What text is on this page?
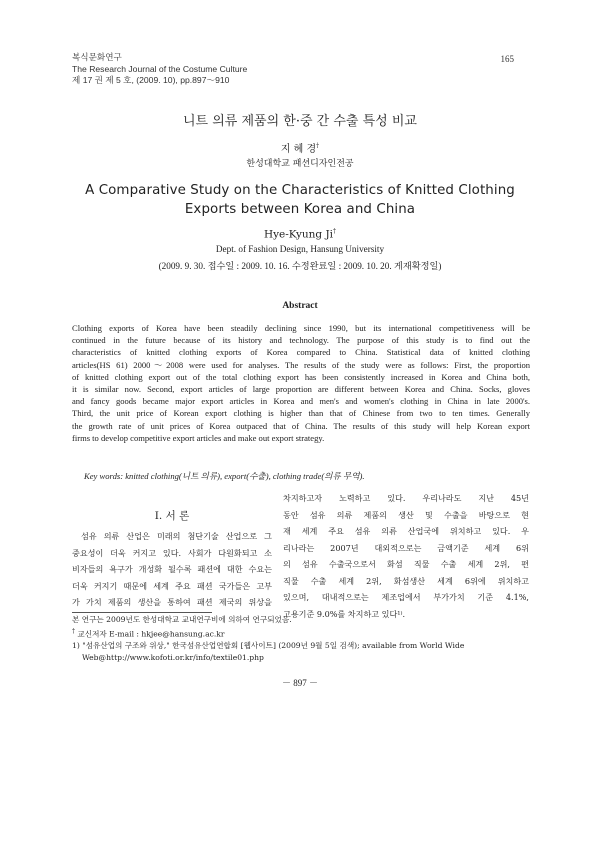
복식문화연구
The Research Journal of the Costume Culture
제 17 권 제 5 호, (2009. 10), pp.897～910
165
니트 의류 제품의 한·중 간 수출 특성 비교
지 혜 경†
한성대학교 패션디자인전공
A Comparative Study on the Characteristics of Knitted Clothing
Exports between Korea and China
Hye-Kyung Ji†
Dept. of Fashion Design, Hansung University
(2009. 9. 30. 접수일 : 2009. 10. 16. 수정완료일 : 2009. 10. 20. 게재확정일)
Abstract
Clothing exports of Korea have been steadily declining since 1990, but its international competitiveness will be
continued in the future because of its history and technology. The purpose of this study is to find out the
characteristics of knitted clothing exports of Korea compared to China. Statistical data of knitted clothing
articles(HS 61) 2000～2008 were used for analyses. The results of the study were as follows: First, the proportion
of knitted clothing export out of the total clothing export has been consistently increased in Korea and China both,
it is similar now. Second, export articles of large proportion are different between Korea and China. Socks, gloves
and fancy goods became major export articles in Korea and men's and women's clothing in China in late 2000's.
Third, the unit price of Korean export clothing is higher than that of Chinese from two to ten times. Generally
the growth rate of unit prices of Korea outpaced that of China. The results of this study will help Korean export
firms to develop competitive export articles and make out export strategy.
Key words: knitted clothing(니트 의류), export(수출), clothing trade(의류 무역).
I. 서 론
섬유 의류 산업은 미래의 첨단기술 산업으로 그
중요성이 더욱 커지고 있다. 사회가 다원화되고 소
비자들의 욕구가 개성화 될수록 패션에 대한 수요는
더욱 커지기 때문에 세계 주요 패션 국가들은 고부
가 가치 제품의 생산을 통하여 패션 제국의 위상을
차지하고자 노력하고 있다. 우리나라도 지난 45년
동안 섬유 의류 제품의 생산 및 수출을 바탕으로 현
재 세계 주요 섬유 의류 산업국에 위치하고 있다. 우
리나라는 2007년 대외적으로는 금액기준 세계 6위
의 섬유 수출국으로서 화섬 직물 수출 세계 2위, 편
직물 수출 세계 2위, 화섬생산 세계 6위에 위치하고
있으며, 대내적으로는 제조업에서 부가가치 기준 4.1%,
고용기준 9.0%를 차지하고 있다¹⁾.
본 연구는 2009년도 한성대학교 교내연구비에 의하여 연구되었음.
† 교신저자 E-mail : hkjee@hansung.ac.kr
1) "섬유산업의 구조와 위상," 한국섬유산업연합회 [웹사이트] (2009년 9월 5일 검색); available from World Wide
Web@http://www.kofoti.or.kr/info/textile01.php
－ 897 －
